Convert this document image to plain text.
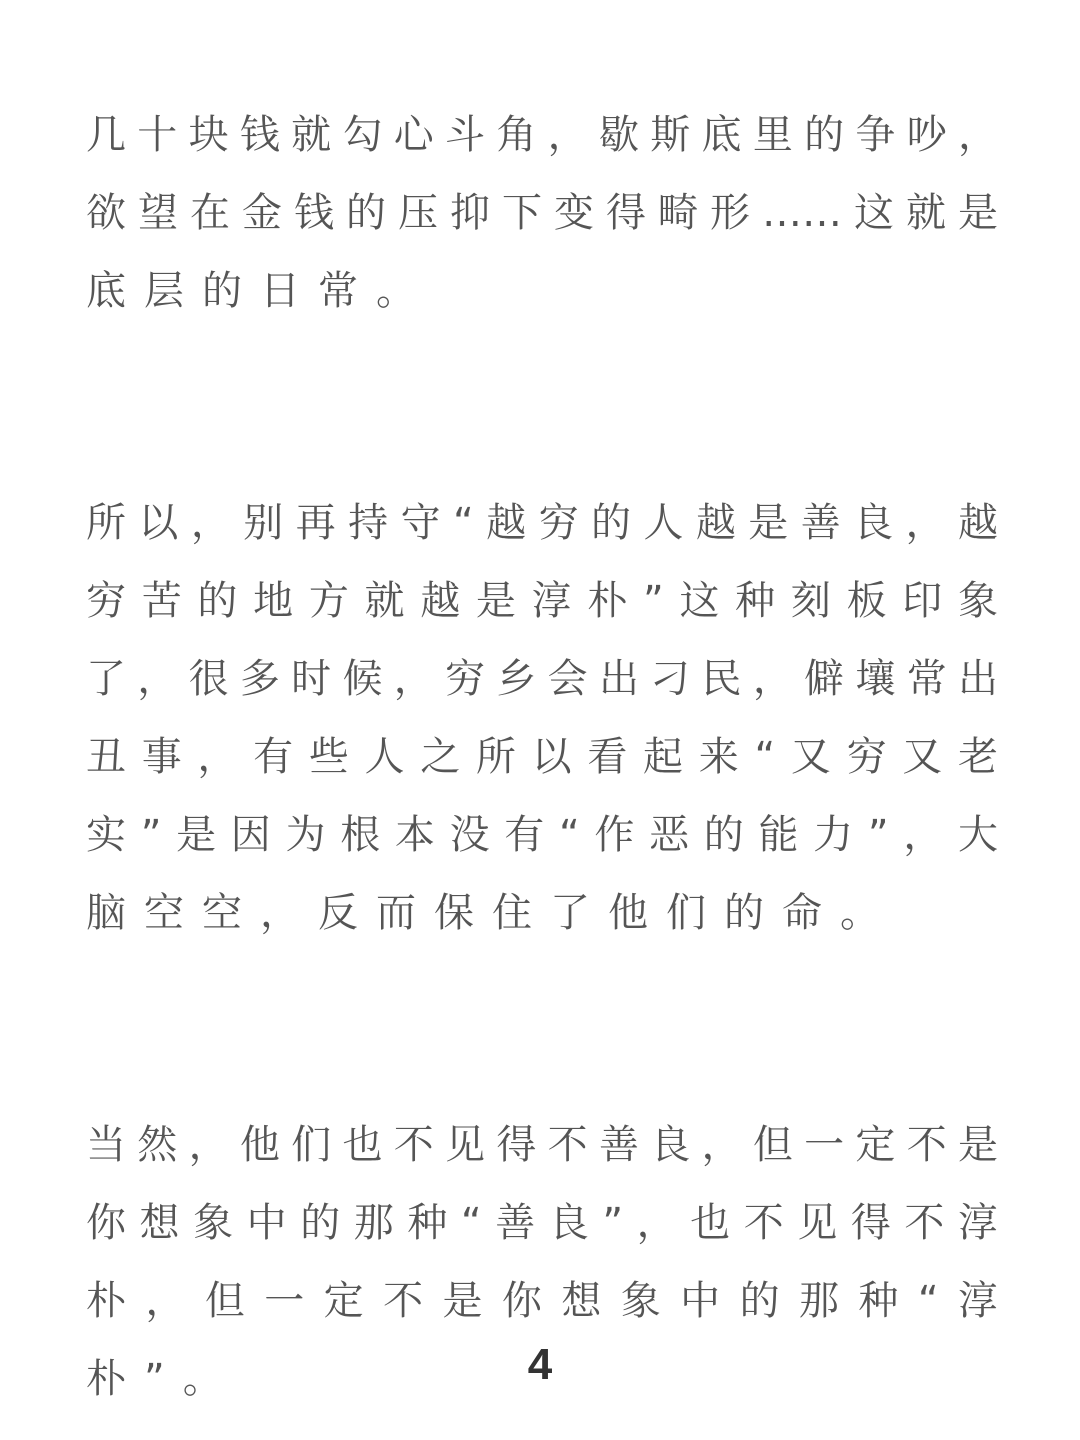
几十块钱就勾心斗角，歇斯底里的争吵，
欲望在金钱的压抑下变得畸形……这就是
底层的日常。
所以，别再持守“越穷的人越是善良，越
穷苦的地方就越是淳朴”这种刻板印象
了，很多时候，穷乡会出刁民，僻壤常出
丑事，有些人之所以看起来“又穷又老
实”是因为根本没有“作恶的能力”，大
脑空空，反而保住了他们的命。
当然，他们也不见得不善良，但一定不是
你想象中的那种“善良”，也不见得不淳
朴，但一定不是你想象中的那种“淳
朴”。	4
